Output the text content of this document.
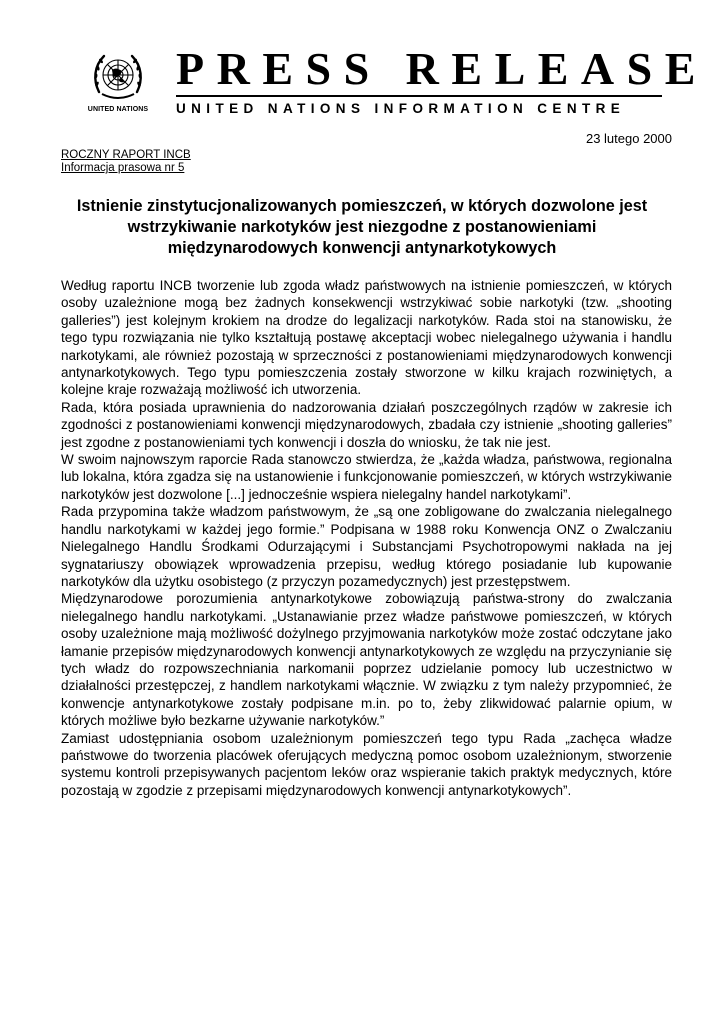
UNITED NATIONS
PRESS RELEASE
UNITED NATIONS INFORMATION CENTRE
23 lutego 2000
ROCZNY RAPORT INCB
Informacja prasowa nr 5
Istnienie zinstytucjonalizowanych pomieszczeń, w których dozwolone jest wstrzykiwanie narkotyków jest niezgodne z postanowieniami międzynarodowych konwencji antynarkotykowych

Według raportu INCB tworzenie lub zgoda władz państwowych na istnienie pomieszczeń, w których osoby uzależnione mogą bez żadnych konsekwencji wstrzykiwać sobie narkotyki (tzw. „shooting galleries”) jest kolejnym krokiem na drodze do legalizacji narkotyków. Rada stoi na stanowisku, że tego typu rozwiązania nie tylko kształtują postawę akceptacji wobec nielegalnego używania i handlu narkotykami, ale również pozostają w sprzeczności z postanowieniami międzynarodowych konwencji antynarkotykowych. Tego typu pomieszczenia zostały stworzone w kilku krajach rozwiniętych, a kolejne kraje rozważają możliwość ich utworzenia.

Rada, która posiada uprawnienia do nadzorowania działań poszczególnych rządów w zakresie ich zgodności z postanowieniami konwencji międzynarodowych, zbadała czy istnienie „shooting galleries” jest zgodne z postanowieniami tych konwencji i doszła do wniosku, że tak nie jest.

W swoim najnowszym raporcie Rada stanowczo stwierdza, że „każda władza, państwowa, regionalna lub lokalna, która zgadza się na ustanowienie i funkcjonowanie pomieszczeń, w których wstrzykiwanie narkotyków jest dozwolone [...] jednocześnie wspiera nielegalny handel narkotykami”.

Rada przypomina także władzom państwowym, że „są one zobligowane do zwalczania nielegalnego handlu narkotykami w każdej jego formie.” Podpisana w 1988 roku Konwencja ONZ o Zwalczaniu Nielegalnego Handlu Środkami Odurzającymi i Substancjami Psychotropowymi nakłada na jej sygnatariuszy obowiązek wprowadzenia przepisu, według którego posiadanie lub kupowanie narkotyków dla użytku osobistego (z przyczyn pozamedycznych) jest przestępstwem.

Międzynarodowe porozumienia antynarkotykowe zobowiązują państwa-strony do zwalczania nielegalnego handlu narkotykami. „Ustanawianie przez władze państwowe pomieszczeń, w których osoby uzależnione mają możliwość dożylnego przyjmowania narkotyków może zostać odczytane jako łamanie przepisów międzynarodowych konwencji antynarkotykowych ze względu na przyczynianie się tych władz do rozpowszechniania narkomanii poprzez udzielanie pomocy lub uczestnictwo w działalności przestępczej, z handlem narkotykami włącznie. W związku z tym należy przypomnieć, że konwencje antynarkotykowe zostały podpisane m.in. po to, żeby zlikwidować palarnie opium, w których możliwe było bezkarne używanie narkotyków.”

Zamiast udostępniania osobom uzależnionym pomieszczeń tego typu Rada „zachęca władze państwowe do tworzenia placówek oferujących medyczną pomoc osobom uzależnionym, stworzenie systemu kontroli przepisywanych pacjentom leków oraz wspieranie takich praktyk medycznych, które pozostają w zgodzie z przepisami międzynarodowych konwencji antynarkotykowych”.
